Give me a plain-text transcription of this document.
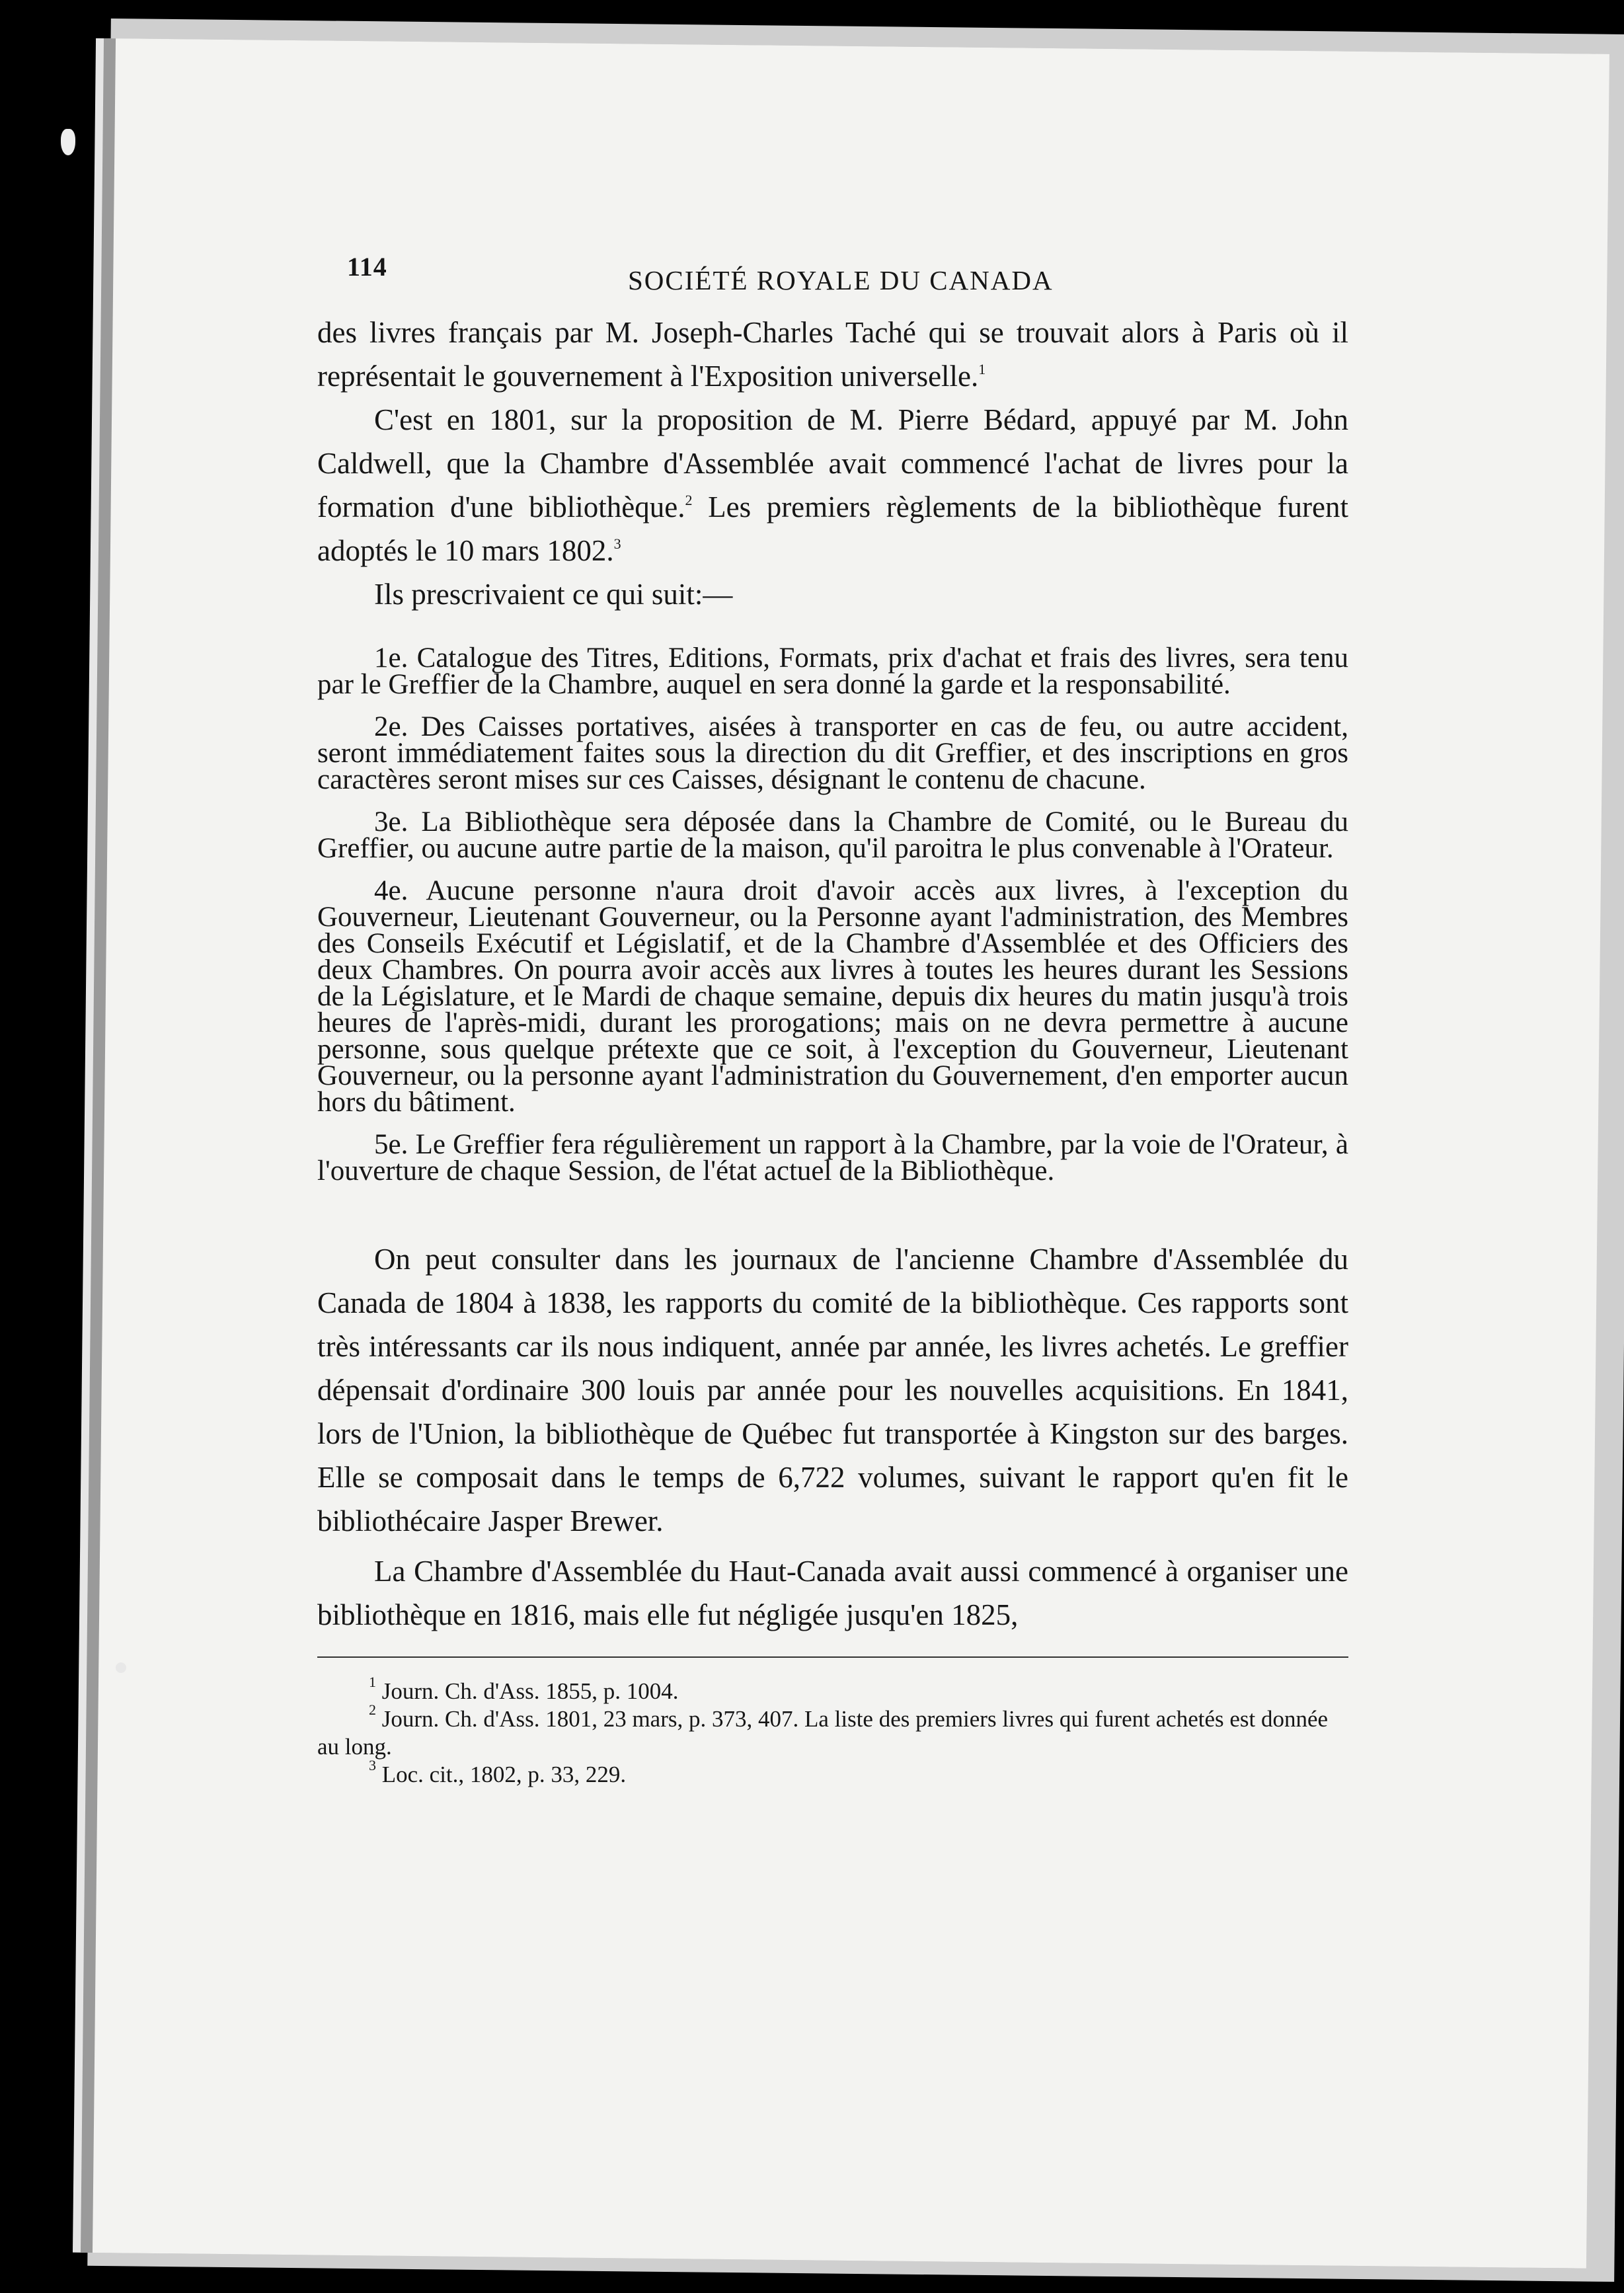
114	SOCIÉTÉ ROYALE DU CANADA

des livres français par M. Joseph-Charles Taché qui se trouvait alors à Paris où il représentait le gouvernement à l'Exposition universelle.$^1$

C'est en 1801, sur la proposition de M. Pierre Bédard, appuyé par M. John Caldwell, que la Chambre d'Assemblée avait commencé l'achat de livres pour la formation d'une bibliothèque.$^2$ Les premiers règlements de la bibliothèque furent adoptés le 10 mars 1802.$^3$

Ils prescrivaient ce qui suit:—

1e. Catalogue des Titres, Editions, Formats, prix d'achat et frais des livres, sera tenu par le Greffier de la Chambre, auquel en sera donné la garde et la responsabilité.

2e. Des Caisses portatives, aisées à transporter en cas de feu, ou autre accident, seront immédiatement faites sous la direction du dit Greffier, et des inscriptions en gros caractères seront mises sur ces Caisses, désignant le contenu de chacune.

3e. La Bibliothèque sera déposée dans la Chambre de Comité, ou le Bureau du Greffier, ou aucune autre partie de la maison, qu'il paroitra le plus convenable à l'Orateur.

4e. Aucune personne n'aura droit d'avoir accès aux livres, à l'exception du Gouverneur, Lieutenant Gouverneur, ou la Personne ayant l'administration, des Membres des Conseils Exécutif et Législatif, et de la Chambre d'Assemblée et des Officiers des deux Chambres. On pourra avoir accès aux livres à toutes les heures durant les Sessions de la Législature, et le Mardi de chaque semaine, depuis dix heures du matin jusqu'à trois heures de l'après-midi, durant les prorogations; mais on ne devra permettre à aucune personne, sous quelque prétexte que ce soit, à l'exception du Gouverneur, Lieutenant Gouverneur, ou la personne ayant l'administration du Gouvernement, d'en emporter aucun hors du bâtiment.

5e. Le Greffier fera régulièrement un rapport à la Chambre, par la voie de l'Orateur, à l'ouverture de chaque Session, de l'état actuel de la Bibliothèque.

On peut consulter dans les journaux de l'ancienne Chambre d'Assemblée du Canada de 1804 à 1838, les rapports du comité de la bibliothèque. Ces rapports sont très intéressants car ils nous indiquent, année par année, les livres achetés. Le greffier dépensait d'ordinaire 300 louis par année pour les nouvelles acquisitions. En 1841, lors de l'Union, la bibliothèque de Québec fut transportée à Kingston sur des barges. Elle se composait dans le temps de 6,722 volumes, suivant le rapport qu'en fit le bibliothécaire Jasper Brewer.

La Chambre d'Assemblée du Haut-Canada avait aussi commencé à organiser une bibliothèque en 1816, mais elle fut négligée jusqu'en 1825,

$^1$ Journ. Ch. d'Ass. 1855, p. 1004.

$^2$ Journ. Ch. d'Ass. 1801, 23 mars, p. 373, 407. La liste des premiers livres qui furent achetés est donnée au long.

$^3$ Loc. cit., 1802, p. 33, 229.
